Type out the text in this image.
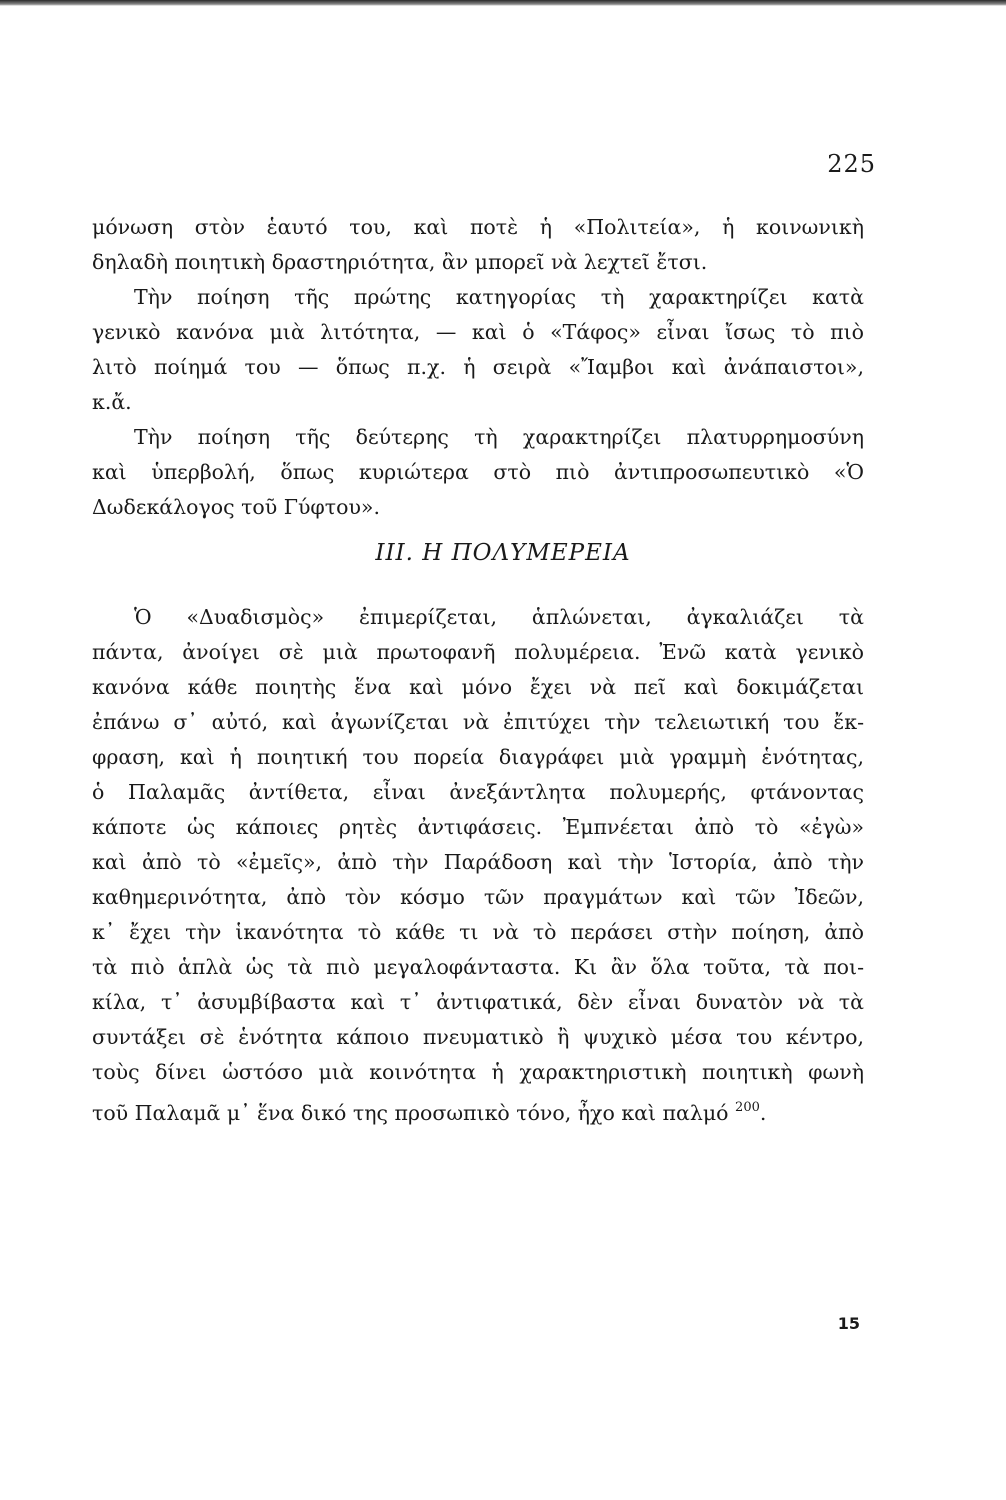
225
μόνωση στὸν ἑαυτό του, καὶ ποτὲ ἡ «Πολιτεία», ἡ κοινωνικὴ
δηλαδὴ ποιητικὴ δραστηριότητα, ἂν μπορεῖ νὰ λεχτεῖ ἔτσι.
Τὴν ποίηση τῆς πρώτης κατηγορίας τὴ χαρακτηρίζει κατὰ
γενικὸ κανόνα μιὰ λιτότητα, — καὶ ὁ «Τάφος» εἶναι ἴσως τὸ πιὸ
λιτὸ ποίημά του — ὅπως π.χ. ἡ σειρὰ «Ἴαμβοι καὶ ἀνάπαιστοι»,
κ.ἄ.
Τὴν ποίηση τῆς δεύτερης τὴ χαρακτηρίζει πλατυρρημοσύνη
καὶ ὑπερβολή, ὅπως κυριώτερα στὸ πιὸ ἀντιπροσωπευτικὸ «Ὁ
Δωδεκάλογος τοῦ Γύφτου».
ΙΙΙ. Η ΠΟΛΥΜΕΡΕΙΑ
Ὁ «Δυαδισμὸς» ἐπιμερίζεται, ἁπλώνεται, ἀγκαλιάζει τὰ
πάντα, ἀνοίγει σὲ μιὰ πρωτοφανῆ πολυμέρεια. Ἐνῶ κατὰ γενικὸ
κανόνα κάθε ποιητὴς ἕνα καὶ μόνο ἔχει νὰ πεῖ καὶ δοκιμάζεται
ἐπάνω σ᾽ αὐτό, καὶ ἀγωνίζεται νὰ ἐπιτύχει τὴν τελειωτική του ἔκ-
φραση, καὶ ἡ ποιητική του πορεία διαγράφει μιὰ γραμμὴ ἑνότητας,
ὁ Παλαμᾶς ἀντίθετα, εἶναι ἀνεξάντλητα πολυμερής, φτάνοντας
κάποτε ὡς κάποιες ρητὲς ἀντιφάσεις. Ἐμπνέεται ἀπὸ τὸ «ἐγὼ»
καὶ ἀπὸ τὸ «ἐμεῖς», ἀπὸ τὴν Παράδοση καὶ τὴν Ἱστορία, ἀπὸ τὴν
καθημερινότητα, ἀπὸ τὸν κόσμο τῶν πραγμάτων καὶ τῶν Ἰδεῶν,
κ᾽ ἔχει τὴν ἱκανότητα τὸ κάθε τι νὰ τὸ περάσει στὴν ποίηση, ἀπὸ
τὰ πιὸ ἁπλὰ ὡς τὰ πιὸ μεγαλοφάνταστα. Κι ἂν ὅλα τοῦτα, τὰ ποι-
κίλα, τ᾽ ἀσυμβίβαστα καὶ τ᾽ ἀντιφατικά, δὲν εἶναι δυνατὸν νὰ τὰ
συντάξει σὲ ἑνότητα κάποιο πνευματικὸ ἢ ψυχικὸ μέσα του κέντρο,
τοὺς δίνει ὡστόσο μιὰ κοινότητα ἡ χαρακτηριστικὴ ποιητικὴ φωνὴ
τοῦ Παλαμᾶ μ᾽ ἕνα δικό της προσωπικὸ τόνο, ἦχο καὶ παλμό $^{200}$.
15
